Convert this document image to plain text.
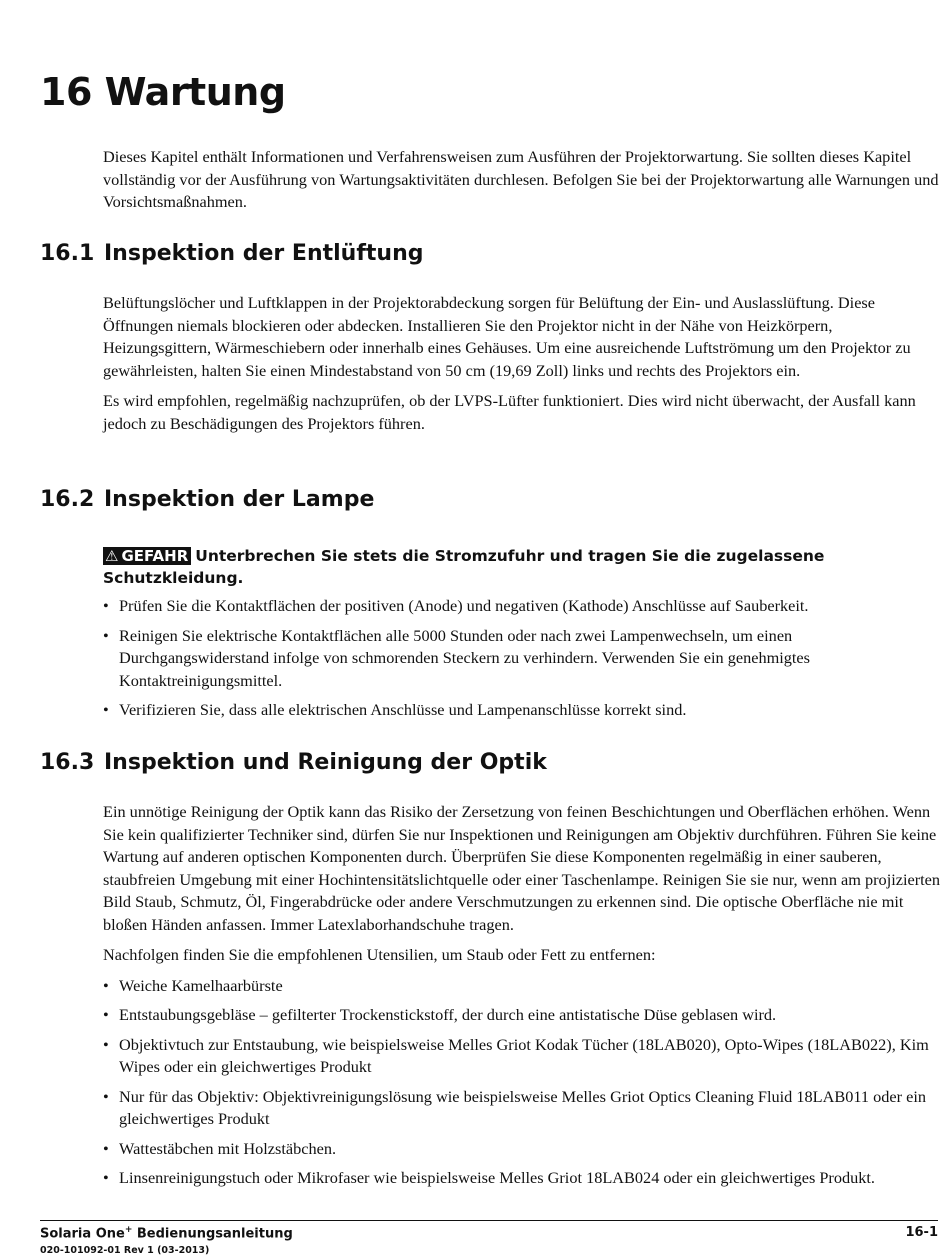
16 Wartung

Dieses Kapitel enthält Informationen und Verfahrensweisen zum Ausführen der Projektorwartung. Sie sollten dieses Kapitel vollständig vor der Ausführung von Wartungsaktivitäten durchlesen. Befolgen Sie bei der Projektorwartung alle Warnungen und Vorsichtsmaßnahmen.

16.1 Inspektion der Entlüftung

Belüftungslöcher und Luftklappen in der Projektorabdeckung sorgen für Belüftung der Ein- und Auslasslüftung. Diese Öffnungen niemals blockieren oder abdecken. Installieren Sie den Projektor nicht in der Nähe von Heizkörpern, Heizungsgittern, Wärmeschiebern oder innerhalb eines Gehäuses. Um eine ausreichende Luftströmung um den Projektor zu gewährleisten, halten Sie einen Mindestabstand von 50 cm (19,69 Zoll) links und rechts des Projektors ein.

Es wird empfohlen, regelmäßig nachzuprüfen, ob der LVPS-Lüfter funktioniert. Dies wird nicht überwacht, der Ausfall kann jedoch zu Beschädigungen des Projektors führen.

16.2 Inspektion der Lampe
⚠ GEFAHR Unterbrechen Sie stets die Stromzufuhr und tragen Sie die zugelassene Schutzkleidung.
• Prüfen Sie die Kontaktflächen der positiven (Anode) und negativen (Kathode) Anschlüsse auf Sauberkeit.
• Reinigen Sie elektrische Kontaktflächen alle 5000 Stunden oder nach zwei Lampenwechseln, um einen Durchgangswiderstand infolge von schmorenden Steckern zu verhindern. Verwenden Sie ein genehmigtes Kontaktreinigungsmittel.
• Verifizieren Sie, dass alle elektrischen Anschlüsse und Lampenanschlüsse korrekt sind.
16.3 Inspektion und Reinigung der Optik

Ein unnötige Reinigung der Optik kann das Risiko der Zersetzung von feinen Beschichtungen und Oberflächen erhöhen. Wenn Sie kein qualifizierter Techniker sind, dürfen Sie nur Inspektionen und Reinigungen am Objektiv durchführen. Führen Sie keine Wartung auf anderen optischen Komponenten durch. Überprüfen Sie diese Komponenten regelmäßig in einer sauberen, staubfreien Umgebung mit einer Hochintensitätslichtquelle oder einer Taschenlampe. Reinigen Sie sie nur, wenn am projizierten Bild Staub, Schmutz, Öl, Fingerabdrücke oder andere Verschmutzungen zu erkennen sind. Die optische Oberfläche nie mit bloßen Händen anfassen. Immer Latexlaborhandschuhe tragen.

Nachfolgen finden Sie die empfohlenen Utensilien, um Staub oder Fett zu entfernen:

• Weiche Kamelhaarbürste
• Entstaubungsgebläse – gefilterter Trockenstickstoff, der durch eine antistatische Düse geblasen wird.
• Objektivtuch zur Entstaubung, wie beispielsweise Melles Griot Kodak Tücher (18LAB020), Opto-Wipes (18LAB022), Kim Wipes oder ein gleichwertiges Produkt
• Nur für das Objektiv: Objektivreinigungslösung wie beispielsweise Melles Griot Optics Cleaning Fluid 18LAB011 oder ein gleichwertiges Produkt
• Wattestäbchen mit Holzstäbchen.
• Linsenreinigungstuch oder Mikrofaser wie beispielsweise Melles Griot 18LAB024 oder ein gleichwertiges Produkt.
Solaria One+ Bedienungsanleitung	16-1
020-101092-01 Rev 1 (03-2013)
